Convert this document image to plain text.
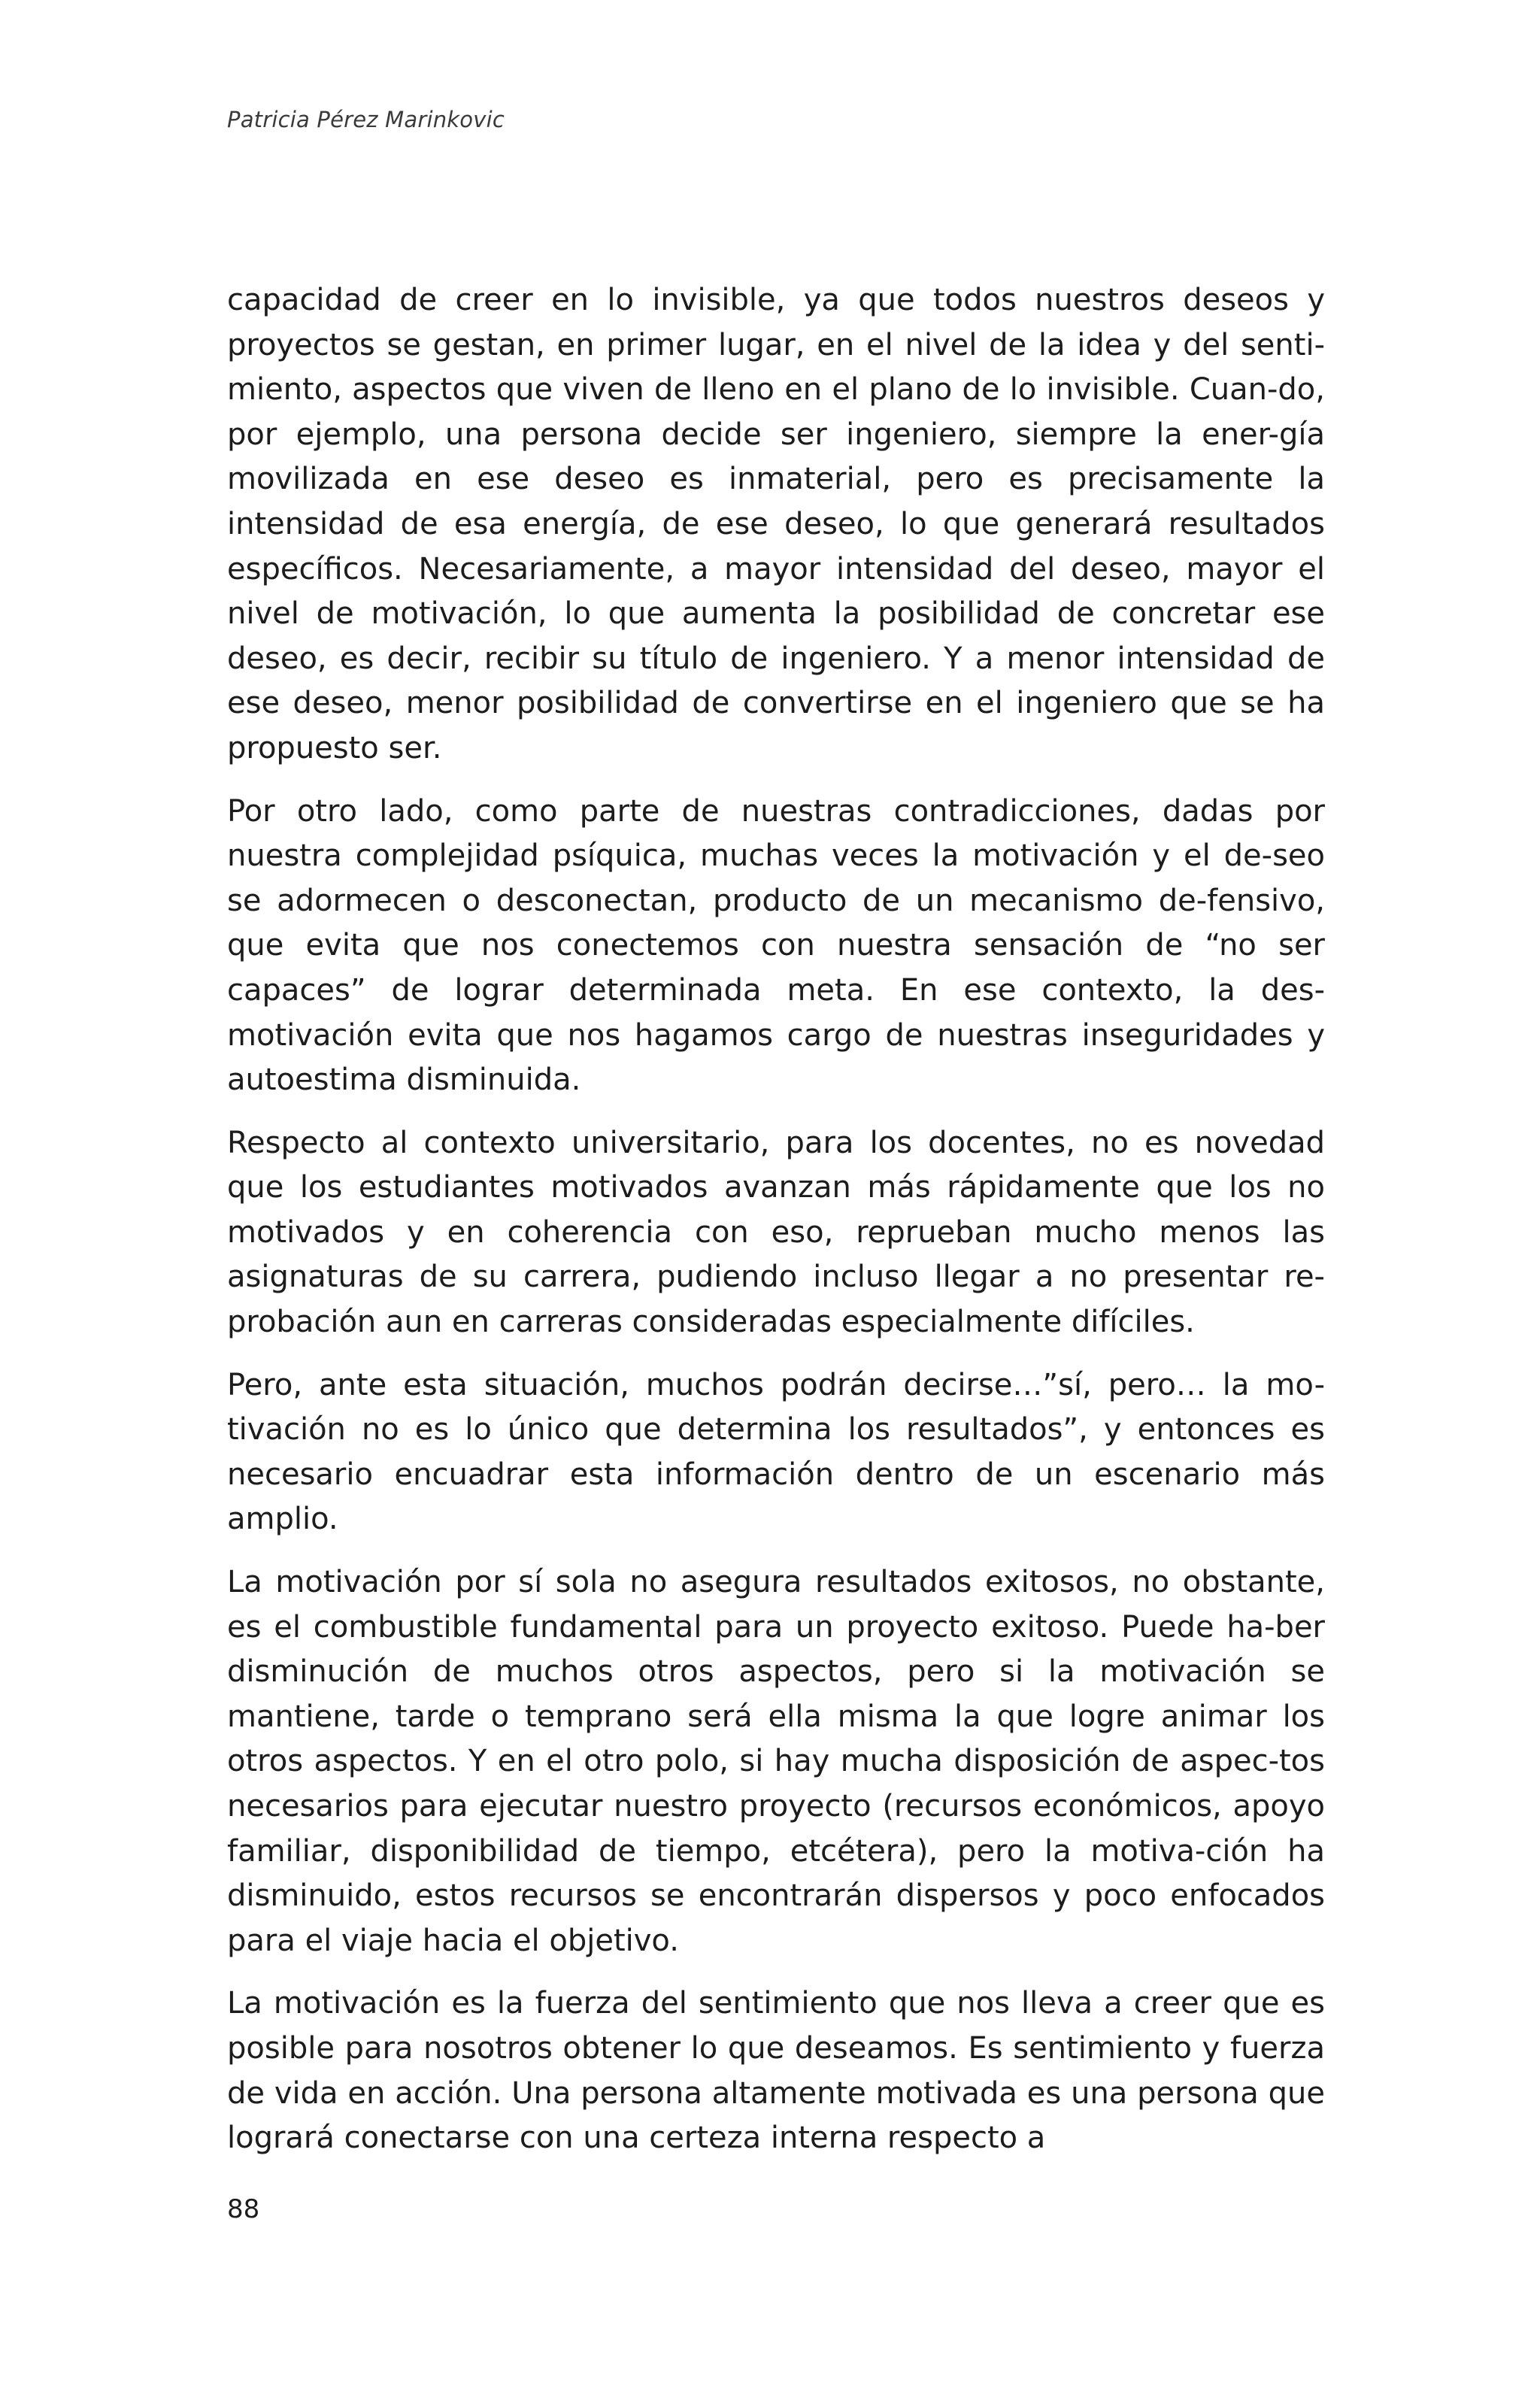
Patricia Pérez Marinkovic

capacidad de creer en lo invisible, ya que todos nuestros deseos y proyectos se gestan, en primer lugar, en el nivel de la idea y del senti-miento, aspectos que viven de lleno en el plano de lo invisible. Cuan-do, por ejemplo, una persona decide ser ingeniero, siempre la ener-gía movilizada en ese deseo es inmaterial, pero es precisamente la intensidad de esa energía, de ese deseo, lo que generará resultados específicos. Necesariamente, a mayor intensidad del deseo, mayor el nivel de motivación, lo que aumenta la posibilidad de concretar ese deseo, es decir, recibir su título de ingeniero. Y a menor intensidad de ese deseo, menor posibilidad de convertirse en el ingeniero que se ha propuesto ser.

Por otro lado, como parte de nuestras contradicciones, dadas por nuestra complejidad psíquica, muchas veces la motivación y el de-seo se adormecen o desconectan, producto de un mecanismo de-fensivo, que evita que nos conectemos con nuestra sensación de “no ser capaces” de lograr determinada meta. En ese contexto, la des-motivación evita que nos hagamos cargo de nuestras inseguridades y autoestima disminuida.

Respecto al contexto universitario, para los docentes, no es novedad que los estudiantes motivados avanzan más rápidamente que los no motivados y en coherencia con eso, reprueban mucho menos las asignaturas de su carrera, pudiendo incluso llegar a no presentar re-probación aun en carreras consideradas especialmente difíciles.

Pero, ante esta situación, muchos podrán decirse…”sí, pero… la mo-tivación no es lo único que determina los resultados”, y entonces es necesario encuadrar esta información dentro de un escenario más amplio.

La motivación por sí sola no asegura resultados exitosos, no obstante, es el combustible fundamental para un proyecto exitoso. Puede ha-ber disminución de muchos otros aspectos, pero si la motivación se mantiene, tarde o temprano será ella misma la que logre animar los otros aspectos. Y en el otro polo, si hay mucha disposición de aspec-tos necesarios para ejecutar nuestro proyecto (recursos económicos, apoyo familiar, disponibilidad de tiempo, etcétera), pero la motiva-ción ha disminuido, estos recursos se encontrarán dispersos y poco enfocados para el viaje hacia el objetivo.

La motivación es la fuerza del sentimiento que nos lleva a creer que es posible para nosotros obtener lo que deseamos. Es sentimiento y fuerza de vida en acción. Una persona altamente motivada es una persona que logrará conectarse con una certeza interna respecto a

88
